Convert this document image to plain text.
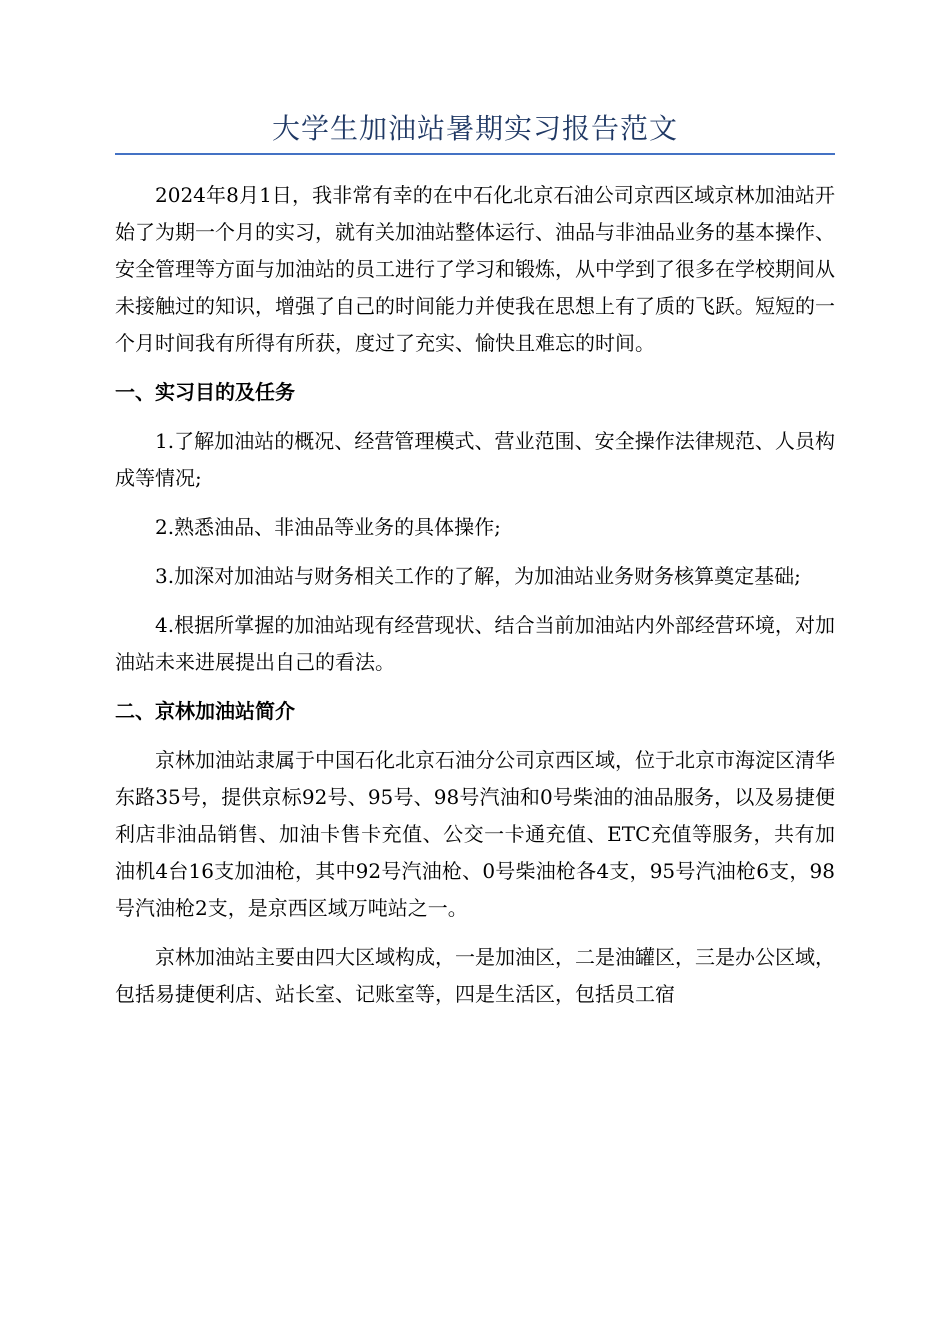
大学生加油站暑期实习报告范文

2024年8月1日，我非常有幸的在中石化北京石油公司京西区域京林加油站开始了为期一个月的实习，就有关加油站整体运行、油品与非油品业务的基本操作、安全管理等方面与加油站的员工进行了学习和锻炼，从中学到了很多在学校期间从未接触过的知识，增强了自己的时间能力并使我在思想上有了质的飞跃。短短的一个月时间我有所得有所获，度过了充实、愉快且难忘的时间。

一、实习目的及任务

1.了解加油站的概况、经营管理模式、营业范围、安全操作法律规范、人员构成等情况;

2.熟悉油品、非油品等业务的具体操作;

3.加深对加油站与财务相关工作的了解，为加油站业务财务核算奠定基础;

4.根据所掌握的加油站现有经营现状、结合当前加油站内外部经营环境，对加油站未来进展提出自己的看法。

二、京林加油站简介

京林加油站隶属于中国石化北京石油分公司京西区域，位于北京市海淀区清华东路35号，提供京标92号、95号、98号汽油和0号柴油的油品服务，以及易捷便利店非油品销售、加油卡售卡充值、公交一卡通充值、ETC充值等服务，共有加油机4台16支加油枪，其中92号汽油枪、0号柴油枪各4支，95号汽油枪6支，98号汽油枪2支，是京西区域万吨站之一。

京林加油站主要由四大区域构成，一是加油区，二是油罐区，三是办公区域，包括易捷便利店、站长室、记账室等，四是生活区，包括员工宿
